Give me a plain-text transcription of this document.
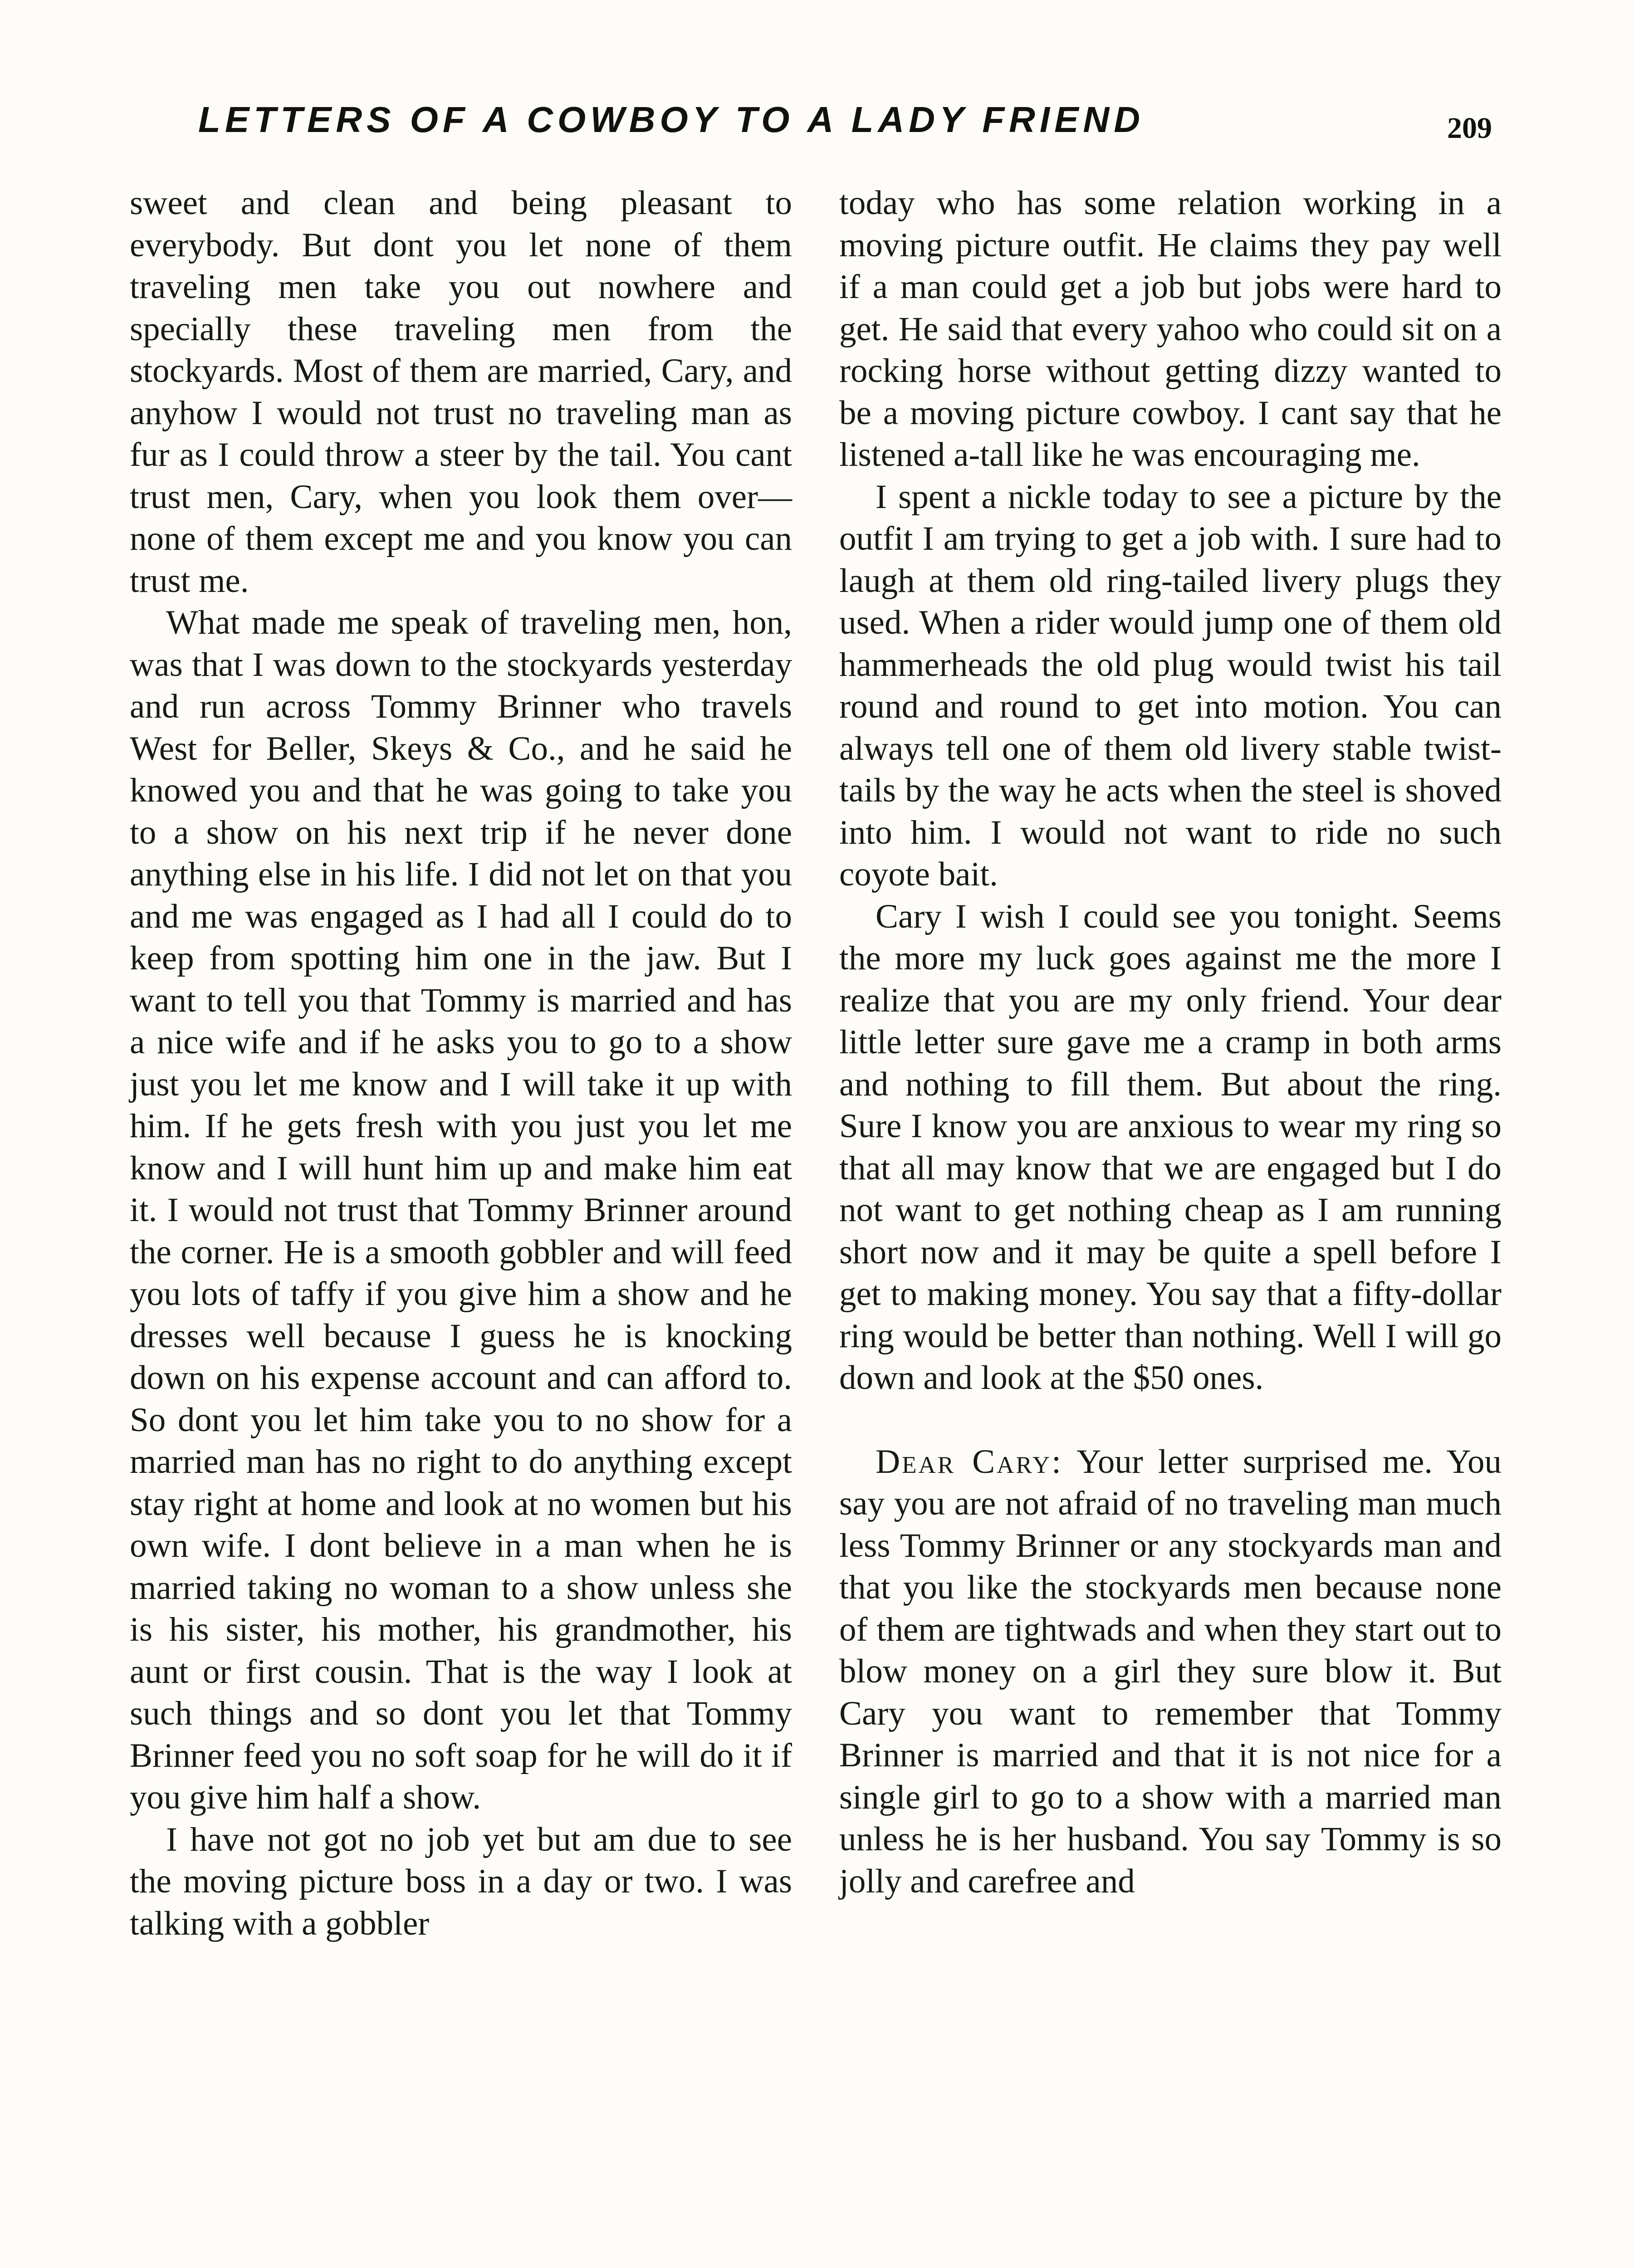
LETTERS OF A COWBOY TO A LADY FRIEND	209

sweet and clean and being pleasant to everybody. But dont you let none of them traveling men take you out nowhere and specially these traveling men from the stockyards. Most of them are married, Cary, and anyhow I would not trust no traveling man as fur as I could throw a steer by the tail. You cant trust men, Cary, when you look them over—none of them except me and you know you can trust me.

What made me speak of traveling men, hon, was that I was down to the stockyards yesterday and run across Tommy Brinner who travels West for Beller, Skeys & Co., and he said he knowed you and that he was going to take you to a show on his next trip if he never done anything else in his life. I did not let on that you and me was engaged as I had all I could do to keep from spotting him one in the jaw. But I want to tell you that Tommy is married and has a nice wife and if he asks you to go to a show just you let me know and I will take it up with him. If he gets fresh with you just you let me know and I will hunt him up and make him eat it. I would not trust that Tommy Brinner around the corner. He is a smooth gobbler and will feed you lots of taffy if you give him a show and he dresses well because I guess he is knocking down on his expense account and can afford to. So dont you let him take you to no show for a married man has no right to do anything except stay right at home and look at no women but his own wife. I dont believe in a man when he is married taking no woman to a show unless she is his sister, his mother, his grandmother, his aunt or first cousin. That is the way I look at such things and so dont you let that Tommy Brinner feed you no soft soap for he will do it if you give him half a show.

I have not got no job yet but am due to see the moving picture boss in a day or two. I was talking with a gobbler

today who has some relation working in a moving picture outfit. He claims they pay well if a man could get a job but jobs were hard to get. He said that every yahoo who could sit on a rocking horse without getting dizzy wanted to be a moving picture cowboy. I cant say that he listened a-tall like he was encouraging me.

I spent a nickle today to see a picture by the outfit I am trying to get a job with. I sure had to laugh at them old ring-tailed livery plugs they used. When a rider would jump one of them old hammerheads the old plug would twist his tail round and round to get into motion. You can always tell one of them old livery stable twist-tails by the way he acts when the steel is shoved into him. I would not want to ride no such coyote bait.

Cary I wish I could see you tonight. Seems the more my luck goes against me the more I realize that you are my only friend. Your dear little letter sure gave me a cramp in both arms and nothing to fill them. But about the ring. Sure I know you are anxious to wear my ring so that all may know that we are engaged but I do not want to get nothing cheap as I am running short now and it may be quite a spell before I get to making money. You say that a fifty-dollar ring would be better than nothing. Well I will go down and look at the $50 ones.

Dear Cary: Your letter surprised me. You say you are not afraid of no traveling man much less Tommy Brinner or any stockyards man and that you like the stockyards men because none of them are tightwads and when they start out to blow money on a girl they sure blow it. But Cary you want to remember that Tommy Brinner is married and that it is not nice for a single girl to go to a show with a married man unless he is her husband. You say Tommy is so jolly and carefree and
